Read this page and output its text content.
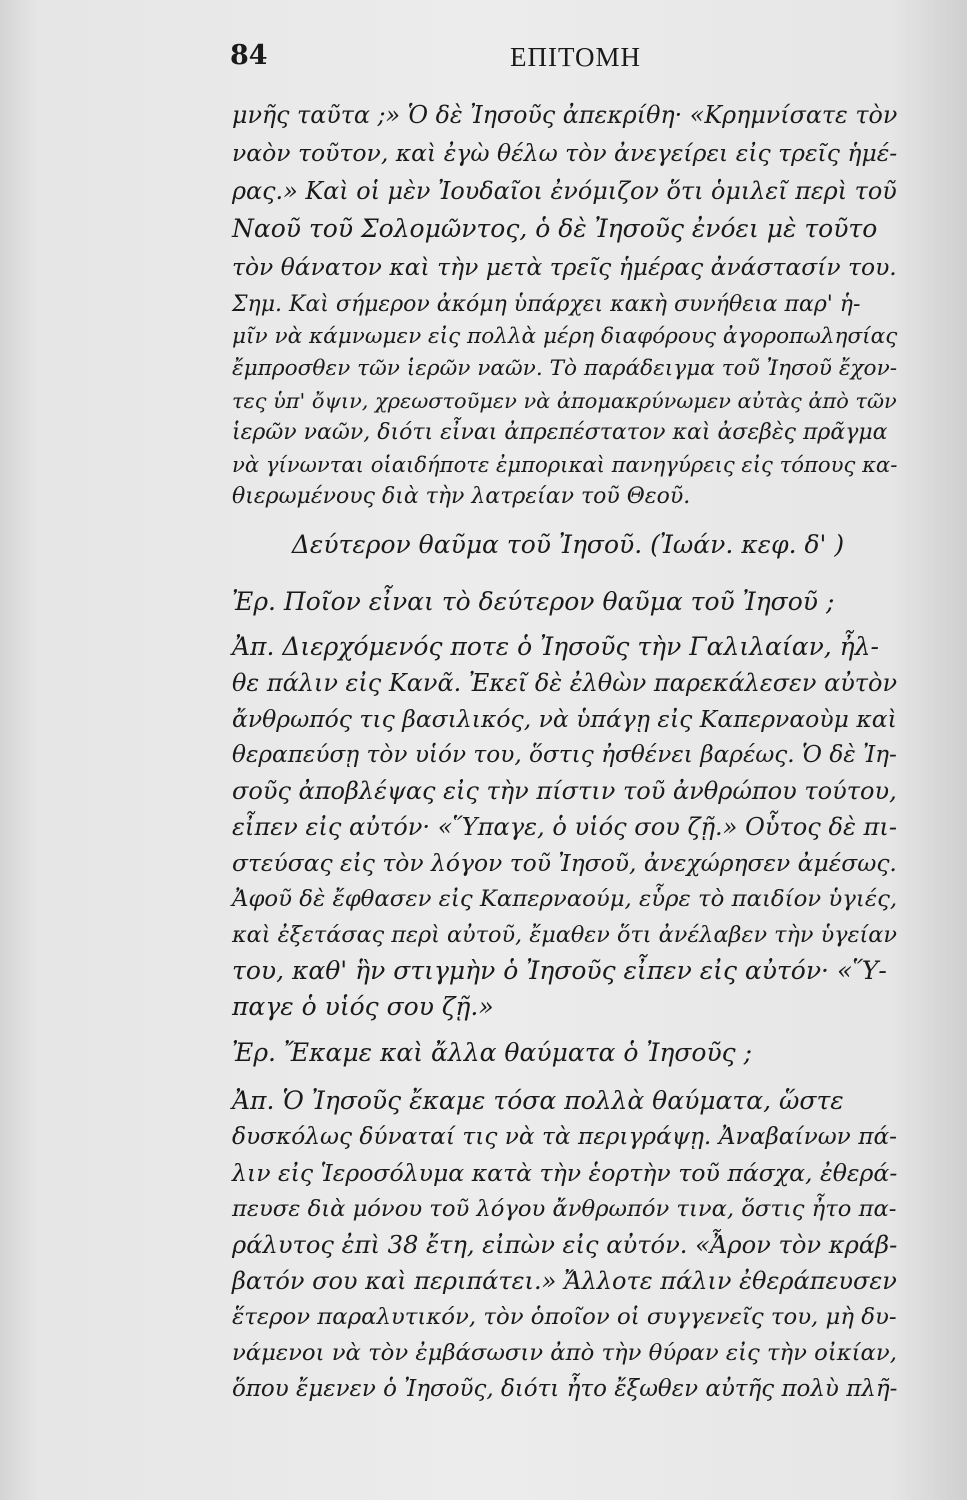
84	ΕΠΙΤΟΜΗ
μνῆς ταῦτα ;» Ὁ δὲ Ἰησοῦς ἀπεκρίθη· «Κρημνίσατε τὸν
ναὸν τοῦτον, καὶ ἐγὼ θέλω τὸν ἀνεγείρει εἰς τρεῖς ἡμέ-
ρας.» Καὶ οἱ μὲν Ἰουδαῖοι ἐνόμιζον ὅτι ὁμιλεῖ περὶ τοῦ
Ναοῦ τοῦ Σολομῶντος, ὁ δὲ Ἰησοῦς ἐνόει μὲ τοῦτο
τὸν θάνατον καὶ τὴν μετὰ τρεῖς ἡμέρας ἀνάστασίν του.
Σημ. Καὶ σήμερον ἀκόμη ὑπάρχει κακὴ συνήθεια παρ' ἡ-
μῖν νὰ κάμνωμεν εἰς πολλὰ μέρη διαφόρους ἀγοροπωλησίας
ἔμπροσθεν τῶν ἱερῶν ναῶν. Τὸ παράδειγμα τοῦ Ἰησοῦ ἔχον-
τες ὑπ' ὄψιν, χρεωστοῦμεν νὰ ἀπομακρύνωμεν αὐτὰς ἀπὸ τῶν
ἱερῶν ναῶν, διότι εἶναι ἀπρεπέστατον καὶ ἀσεβὲς πρᾶγμα
νὰ γίνωνται οἱαιδήποτε ἐμπορικαὶ πανηγύρεις εἰς τόπους κα-
θιερωμένους διὰ τὴν λατρείαν τοῦ Θεοῦ.
Δεύτερον θαῦμα τοῦ Ἰησοῦ. (Ἰωάν. κεφ. δ' )
Ἐρ. Ποῖον εἶναι τὸ δεύτερον θαῦμα τοῦ Ἰησοῦ ;
Ἀπ. Διερχόμενός ποτε ὁ Ἰησοῦς τὴν Γαλιλαίαν, ἦλ-
θε πάλιν εἰς Κανᾶ. Ἐκεῖ δὲ ἐλθὼν παρεκάλεσεν αὐτὸν
ἄνθρωπός τις βασιλικός, νὰ ὑπάγῃ εἰς Καπερναοὺμ καὶ
θεραπεύσῃ τὸν υἱόν του, ὅστις ἠσθένει βαρέως. Ὁ δὲ Ἰη-
σοῦς ἀποβλέψας εἰς τὴν πίστιν τοῦ ἀνθρώπου τούτου,
εἶπεν εἰς αὐτόν· «Ὕπαγε, ὁ υἱός σου ζῇ.» Οὗτος δὲ πι-
στεύσας εἰς τὸν λόγον τοῦ Ἰησοῦ, ἀνεχώρησεν ἀμέσως.
Ἀφοῦ δὲ ἔφθασεν εἰς Καπερναούμ, εὗρε τὸ παιδίον ὑγιές,
καὶ ἐξετάσας περὶ αὐτοῦ, ἔμαθεν ὅτι ἀνέλαβεν τὴν ὑγείαν
του, καθ' ἣν στιγμὴν ὁ Ἰησοῦς εἶπεν εἰς αὐτόν· «Ὕ-
παγε ὁ υἱός σου ζῇ.»
Ἐρ. Ἔκαμε καὶ ἄλλα θαύματα ὁ Ἰησοῦς ;
Ἀπ. Ὁ Ἰησοῦς ἔκαμε τόσα πολλὰ θαύματα, ὥστε
δυσκόλως δύναταί τις νὰ τὰ περιγράψῃ. Ἀναβαίνων πά-
λιν εἰς Ἱεροσόλυμα κατὰ τὴν ἑορτὴν τοῦ πάσχα, ἐθερά-
πευσε διὰ μόνου τοῦ λόγου ἄνθρωπόν τινα, ὅστις ἦτο πα-
ράλυτος ἐπὶ 38 ἔτη, εἰπὼν εἰς αὐτόν. «Ἆρον τὸν κράβ-
βατόν σου καὶ περιπάτει.» Ἄλλοτε πάλιν ἐθεράπευσεν
ἕτερον παραλυτικόν, τὸν ὁποῖον οἱ συγγενεῖς του, μὴ δυ-
νάμενοι νὰ τὸν ἐμβάσωσιν ἀπὸ τὴν θύραν εἰς τὴν οἰκίαν,
ὅπου ἔμενεν ὁ Ἰησοῦς, διότι ἦτο ἔξωθεν αὐτῆς πολὺ πλῆ-
